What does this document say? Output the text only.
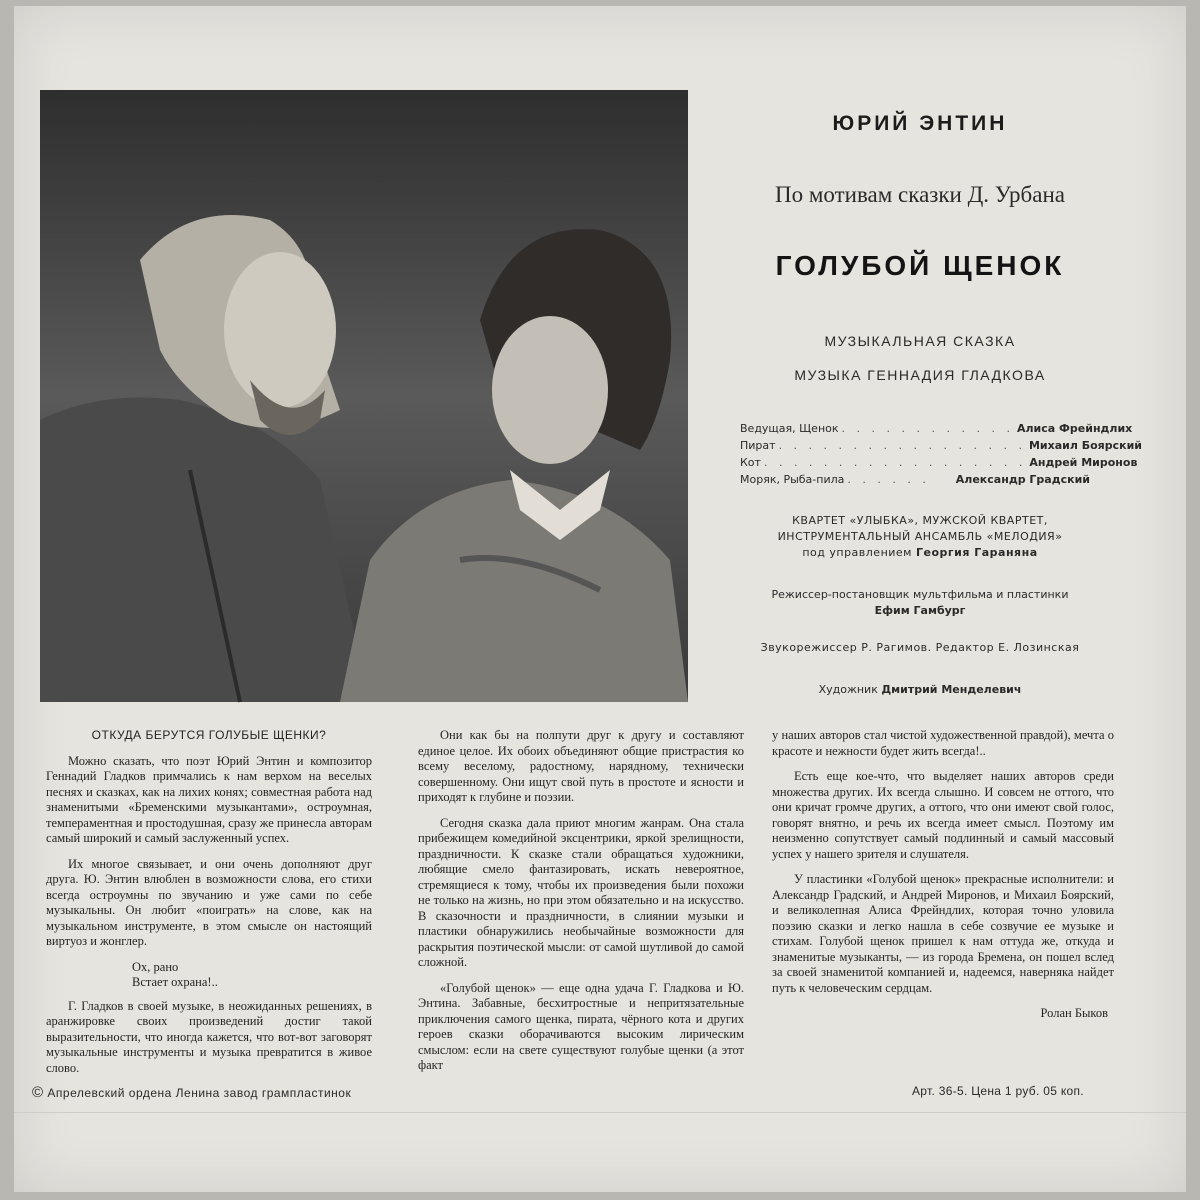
ЮРИЙ ЭНТИН
По мотивам сказки Д. Урбана
ГОЛУБОЙ ЩЕНОК
МУЗЫКАЛЬНАЯ СКАЗКА
МУЗЫКА ГЕННАДИЯ ГЛАДКОВА
Ведущая, Щенок . . . . . . . . . . . . Алиса Фрейндлих
Пират . . . . . . . . . . . . . . . . . Михаил Боярский
Кот . . . . . . . . . . . . . . . . . . Андрей Миронов
Моряк, Рыба-пила . . . . . .	Александр Градский
КВАРТЕТ «УЛЫБКА», МУЖСКОЙ КВАРТЕТ,
ИНСТРУМЕНТАЛЬНЫЙ АНСАМБЛЬ «МЕЛОДИЯ»
под управлением Георгия Гараняна
Режиссер-постановщик мультфильма и пластинки
Ефим Гамбург
Звукорежиссер Р. Рагимов. Редактор Е. Лозинская
Художник Дмитрий Менделевич

ОТКУДА БЕРУТСЯ ГОЛУБЫЕ ЩЕНКИ?

Можно сказать, что поэт Юрий Энтин и композитор Геннадий Гладков примчались к нам верхом на веселых песнях и сказках, как на лихих конях; совместная работа над знаменитыми «Бременскими музыкантами», остроумная, темпераментная и простодушная, сразу же принесла авторам самый широкий и самый заслуженный успех.

Их многое связывает, и они очень дополняют друг друга. Ю. Энтин влюблен в возможности слова, его стихи всегда остроумны по звучанию и уже сами по себе музыкальны. Он любит «поиграть» на слове, как на музыкальном инструменте, в этом смысле он настоящий виртуоз и жонглер.

Ох, рано
Встает охрана!..

Г. Гладков в своей музыке, в неожиданных решениях, в аранжировке своих произведений достиг такой выразительности, что иногда кажется, что вот-вот заговорят музыкальные инструменты и музыка превратится в живое слово.

Они как бы на полпути друг к другу и составляют единое целое. Их обоих объединяют общие пристрастия ко всему веселому, радостному, нарядному, технически совершенному. Они ищут свой путь в простоте и ясности и приходят к глубине и поэзии.

Сегодня сказка дала приют многим жанрам. Она стала прибежищем комедийной эксцентрики, яркой зрелищности, праздничности. К сказке стали обращаться художники, любящие смело фантазировать, искать невероятное, стремящиеся к тому, чтобы их произведения были похожи не только на жизнь, но при этом обязательно и на искусство. В сказочности и праздничности, в слиянии музыки и пластики обнаружились необычайные возможности для раскрытия поэтической мысли: от самой шутливой до самой сложной.

«Голубой щенок» — еще одна удача Г. Гладкова и Ю. Энтина. Забавные, бесхитростные и непритязательные приключения самого щенка, пирата, чёрного кота и других героев сказки оборачиваются высоким лирическим смыслом: если на свете существуют голубые щенки (а этот факт

у наших авторов стал чистой художественной правдой), мечта о красоте и нежности будет жить всегда!..

Есть еще кое-что, что выделяет наших авторов среди множества других. Их всегда слышно. И совсем не оттого, что они кричат громче других, а оттого, что они имеют свой голос, говорят внятно, и речь их всегда имеет смысл. Поэтому им неизменно сопутствует самый подлинный и самый массовый успех у нашего зрителя и слушателя.

У пластинки «Голубой щенок» прекрасные исполнители: и Александр Градский, и Андрей Миронов, и Михаил Боярский, и великолепная Алиса Фрейндлих, которая точно уловила поэзию сказки и легко нашла в себе созвучие ее музыке и стихам. Голубой щенок пришел к нам оттуда же, откуда и знаменитые музыканты, — из города Бремена, он пошел вслед за своей знаменитой компанией и, надеемся, наверняка найдет путь к человеческим сердцам.

Ролан Быков

© Апрелевский ордена Ленина завод грампластинок	Арт. 36-5. Цена 1 руб. 05 коп.
